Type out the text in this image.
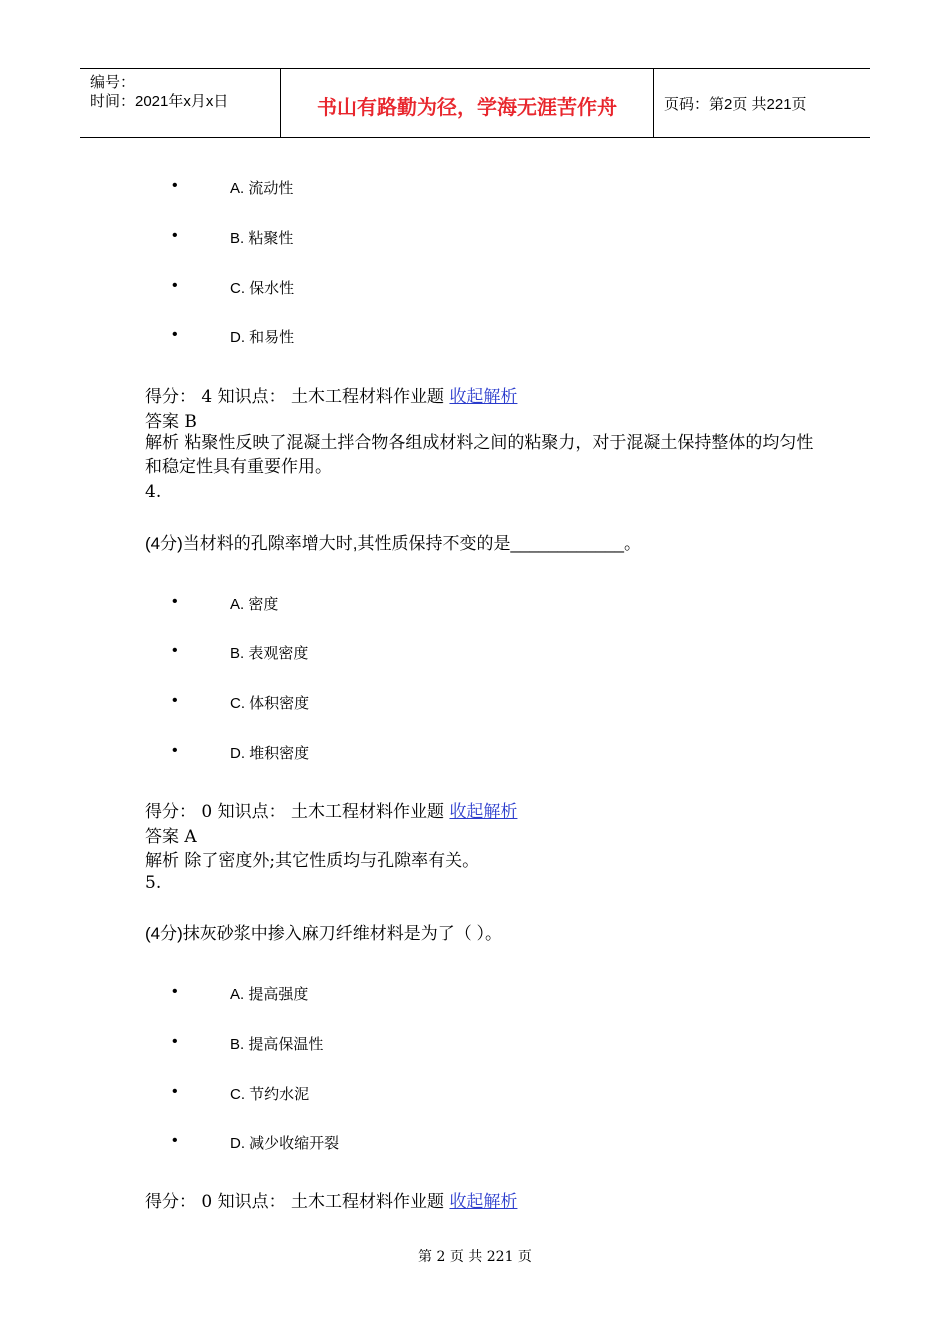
编号：
时间：2021年x月x日	书山有路勤为径，学海无涯苦作舟	页码：第2页 共221页
•	A. 流动性
•	B. 粘聚性
•	C. 保水性
•	D. 和易性
得分： 4 知识点： 土木工程材料作业题 收起解析
答案 B
解析 粘聚性反映了混凝土拌合物各组成材料之间的粘聚力，对于混凝土保持整体的均匀性和稳定性具有重要作用。
4.
(4分)当材料的孔隙率增大时,其性质保持不变的是____________。
•	A. 密度
•	B. 表观密度
•	C. 体积密度
•	D. 堆积密度
得分： 0 知识点： 土木工程材料作业题 收起解析
答案 A
解析 除了密度外;其它性质均与孔隙率有关。
5.
(4分)抹灰砂浆中掺入麻刀纤维材料是为了（ ）。
•	A. 提高强度
•	B. 提高保温性
•	C. 节约水泥
•	D. 减少收缩开裂
得分： 0 知识点： 土木工程材料作业题 收起解析
第 2 页 共 221 页
